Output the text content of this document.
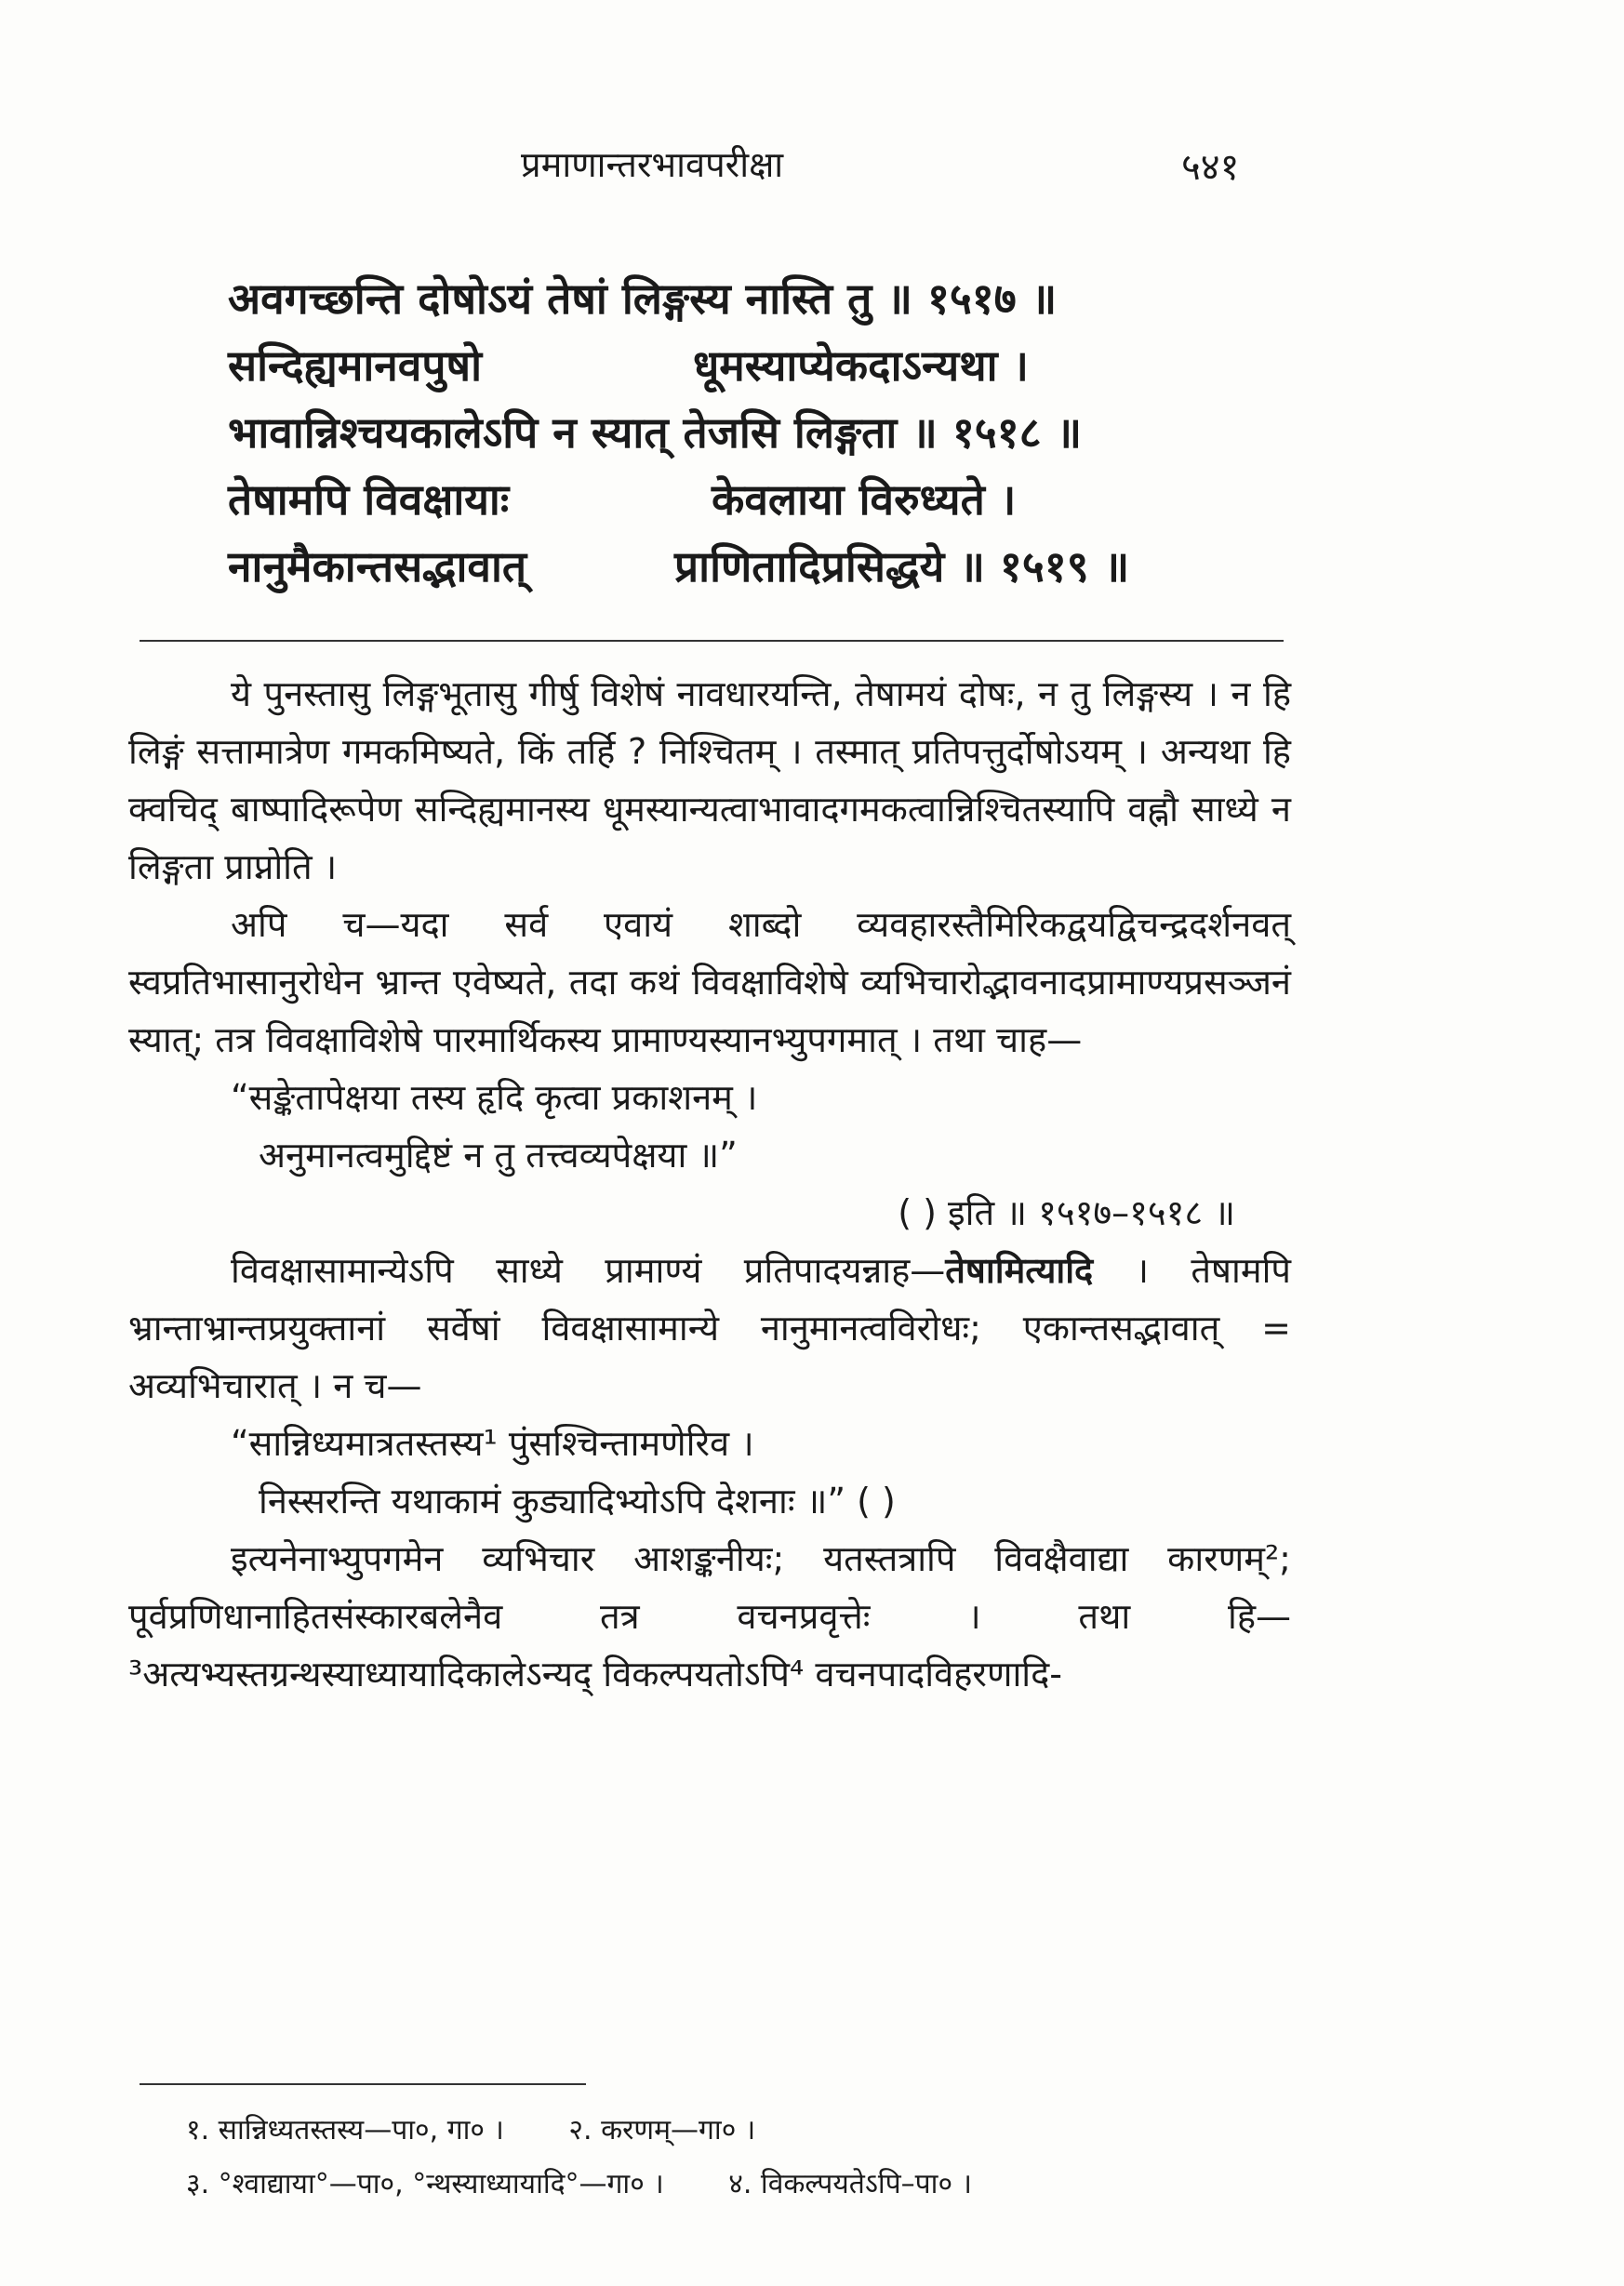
प्रमाणान्तरभावपरीक्षा	५४१
अवगच्छन्ति दोषोऽयं तेषां लिङ्गस्य नास्ति तु ॥ १५१७ ॥
सन्दिह्यमानवपुषो	धूमस्याप्येकदाऽन्यथा ।
भावान्निश्चयकालेऽपि न स्यात् तेजसि लिङ्गता ॥ १५१८ ॥
तेषामपि विवक्षायाः	केवलाया विरुध्यते ।
नानुमैकान्तसद्भावात्	प्राणितादिप्रसिद्धये ॥ १५१९ ॥

ये पुनस्तासु लिङ्गभूतासु गीर्षु विशेषं नावधारयन्ति, तेषामयं दोषः, न तु लिङ्गस्य । न हि लिङ्गं सत्तामात्रेण गमकमिष्यते, किं तर्हि ? निश्चितम् । तस्मात् प्रतिपत्तुर्दोषोऽयम् । अन्यथा हि क्वचिद् बाष्पादिरूपेण सन्दिह्यमानस्य धूमस्यान्यत्वाभावादगमकत्वान्निश्चितस्यापि वह्नौ साध्ये न लिङ्गता प्राप्नोति ।

अपि च—यदा सर्व एवायं शाब्दो व्यवहारस्तैमिरिकद्वयद्विचन्द्रदर्शनवत् स्वप्रतिभासानुरोधेन भ्रान्त एवेष्यते, तदा कथं विवक्षाविशेषे व्यभिचारोद्भावनादप्रामाण्यप्रसञ्जनं स्यात्; तत्र विवक्षाविशेषे पारमार्थिकस्य प्रामाण्यस्यानभ्युपगमात् । तथा चाह—

“सङ्केतापेक्षया तस्य हृदि कृत्वा प्रकाशनम् ।
अनुमानत्वमुद्दिष्टं न तु तत्त्वव्यपेक्षया ॥”
( ) इति ॥ १५१७–१५१८ ॥

विवक्षासामान्येऽपि साध्ये प्रामाण्यं प्रतिपादयन्नाह—तेषामित्यादि । तेषामपि भ्रान्ताभ्रान्तप्रयुक्तानां सर्वेषां विवक्षासामान्ये नानुमानत्वविरोधः; एकान्तसद्भावात् = अव्यभिचारात् । न च—

“सान्निध्यमात्रतस्तस्य¹ पुंसश्चिन्तामणेरिव ।
निस्सरन्ति यथाकामं कुड्यादिभ्योऽपि देशनाः ॥” ( )

इत्यनेनाभ्युपगमेन व्यभिचार आशङ्कनीयः; यतस्तत्रापि विवक्षैवाद्या कारणम्²; पूर्वप्रणिधानाहितसंस्कारबलेनैव तत्र वचनप्रवृत्तेः । तथा हि— ³अत्यभ्यस्तग्रन्थस्याध्यायादिकालेऽन्यद् विकल्पयतोऽपि⁴ वचनपादविहरणादि-

१. सान्निध्यतस्तस्य—पा०, गा० । २. करणम्—गा० ।
३. °श्वाद्याया°—पा०, °न्थस्याध्यायादि°—गा० । ४. विकल्पयतेऽपि–पा० ।
